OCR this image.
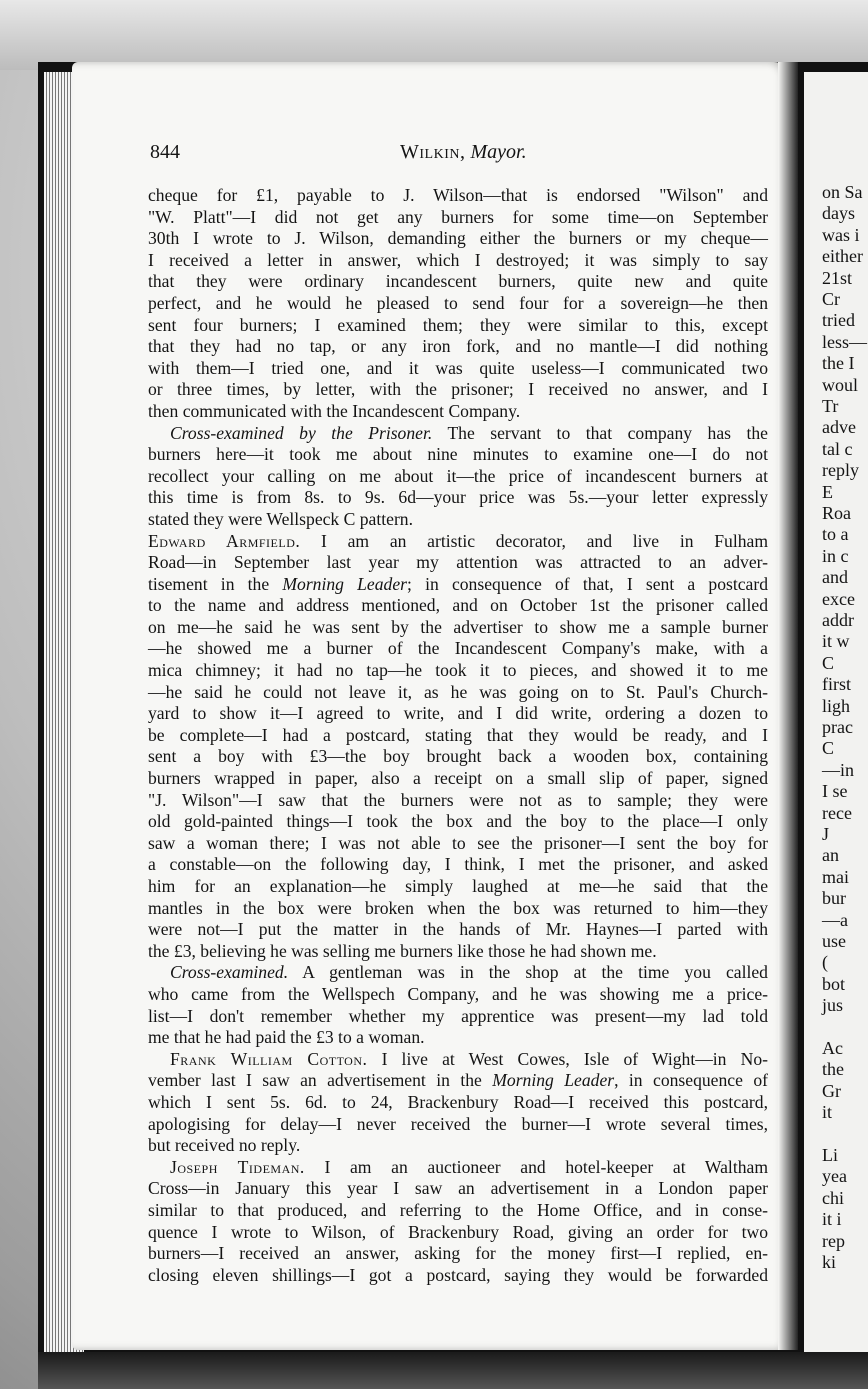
on Sa
days
was i
either
21st
Cr
tried
less—
the I
woul
Tr
adve
tal c
reply
E
Roa
to a
in c
and
exce
addr
it w
C
first
ligh
prac
C
—in
I se
rece
J
an
mai
bur
—a
use
(
bot
jus
Ac
the
Gr
it
Li
yea
chi
it i
rep
ki
844	Wilkin, Mayor.
cheque for £1, payable to J. Wilson—that is endorsed "Wilson" and
"W. Platt"—I did not get any burners for some time—on September
30th I wrote to J. Wilson, demanding either the burners or my cheque—
I received a letter in answer, which I destroyed; it was simply to say
that they were ordinary incandescent burners, quite new and quite
perfect, and he would he pleased to send four for a sovereign—he then
sent four burners; I examined them; they were similar to this, except
that they had no tap, or any iron fork, and no mantle—I did nothing
with them—I tried one, and it was quite useless—I communicated two
or three times, by letter, with the prisoner; I received no answer, and I
then communicated with the Incandescent Company.
Cross-examined by the Prisoner. The servant to that company has the
burners here—it took me about nine minutes to examine one—I do not
recollect your calling on me about it—the price of incandescent burners at
this time is from 8s. to 9s. 6d—your price was 5s.—your letter expressly
stated they were Wellspeck C pattern.
Edward Armfield. I am an artistic decorator, and live in Fulham
Road—in September last year my attention was attracted to an adver-
tisement in the Morning Leader; in consequence of that, I sent a postcard
to the name and address mentioned, and on October 1st the prisoner called
on me—he said he was sent by the advertiser to show me a sample burner
—he showed me a burner of the Incandescent Company's make, with a
mica chimney; it had no tap—he took it to pieces, and showed it to me
—he said he could not leave it, as he was going on to St. Paul's Church-
yard to show it—I agreed to write, and I did write, ordering a dozen to
be complete—I had a postcard, stating that they would be ready, and I
sent a boy with £3—the boy brought back a wooden box, containing
burners wrapped in paper, also a receipt on a small slip of paper, signed
"J. Wilson"—I saw that the burners were not as to sample; they were
old gold-painted things—I took the box and the boy to the place—I only
saw a woman there; I was not able to see the prisoner—I sent the boy for
a constable—on the following day, I think, I met the prisoner, and asked
him for an explanation—he simply laughed at me—he said that the
mantles in the box were broken when the box was returned to him—they
were not—I put the matter in the hands of Mr. Haynes—I parted with
the £3, believing he was selling me burners like those he had shown me.
Cross-examined. A gentleman was in the shop at the time you called
who came from the Wellspech Company, and he was showing me a price-
list—I don't remember whether my apprentice was present—my lad told
me that he had paid the £3 to a woman.
Frank William Cotton. I live at West Cowes, Isle of Wight—in No-
vember last I saw an advertisement in the Morning Leader, in consequence of
which I sent 5s. 6d. to 24, Brackenbury Road—I received this postcard,
apologising for delay—I never received the burner—I wrote several times,
but received no reply.
Joseph Tideman. I am an auctioneer and hotel-keeper at Waltham
Cross—in January this year I saw an advertisement in a London paper
similar to that produced, and referring to the Home Office, and in conse-
quence I wrote to Wilson, of Brackenbury Road, giving an order for two
burners—I received an answer, asking for the money first—I replied, en-
closing eleven shillings—I got a postcard, saying they would be forwarded
